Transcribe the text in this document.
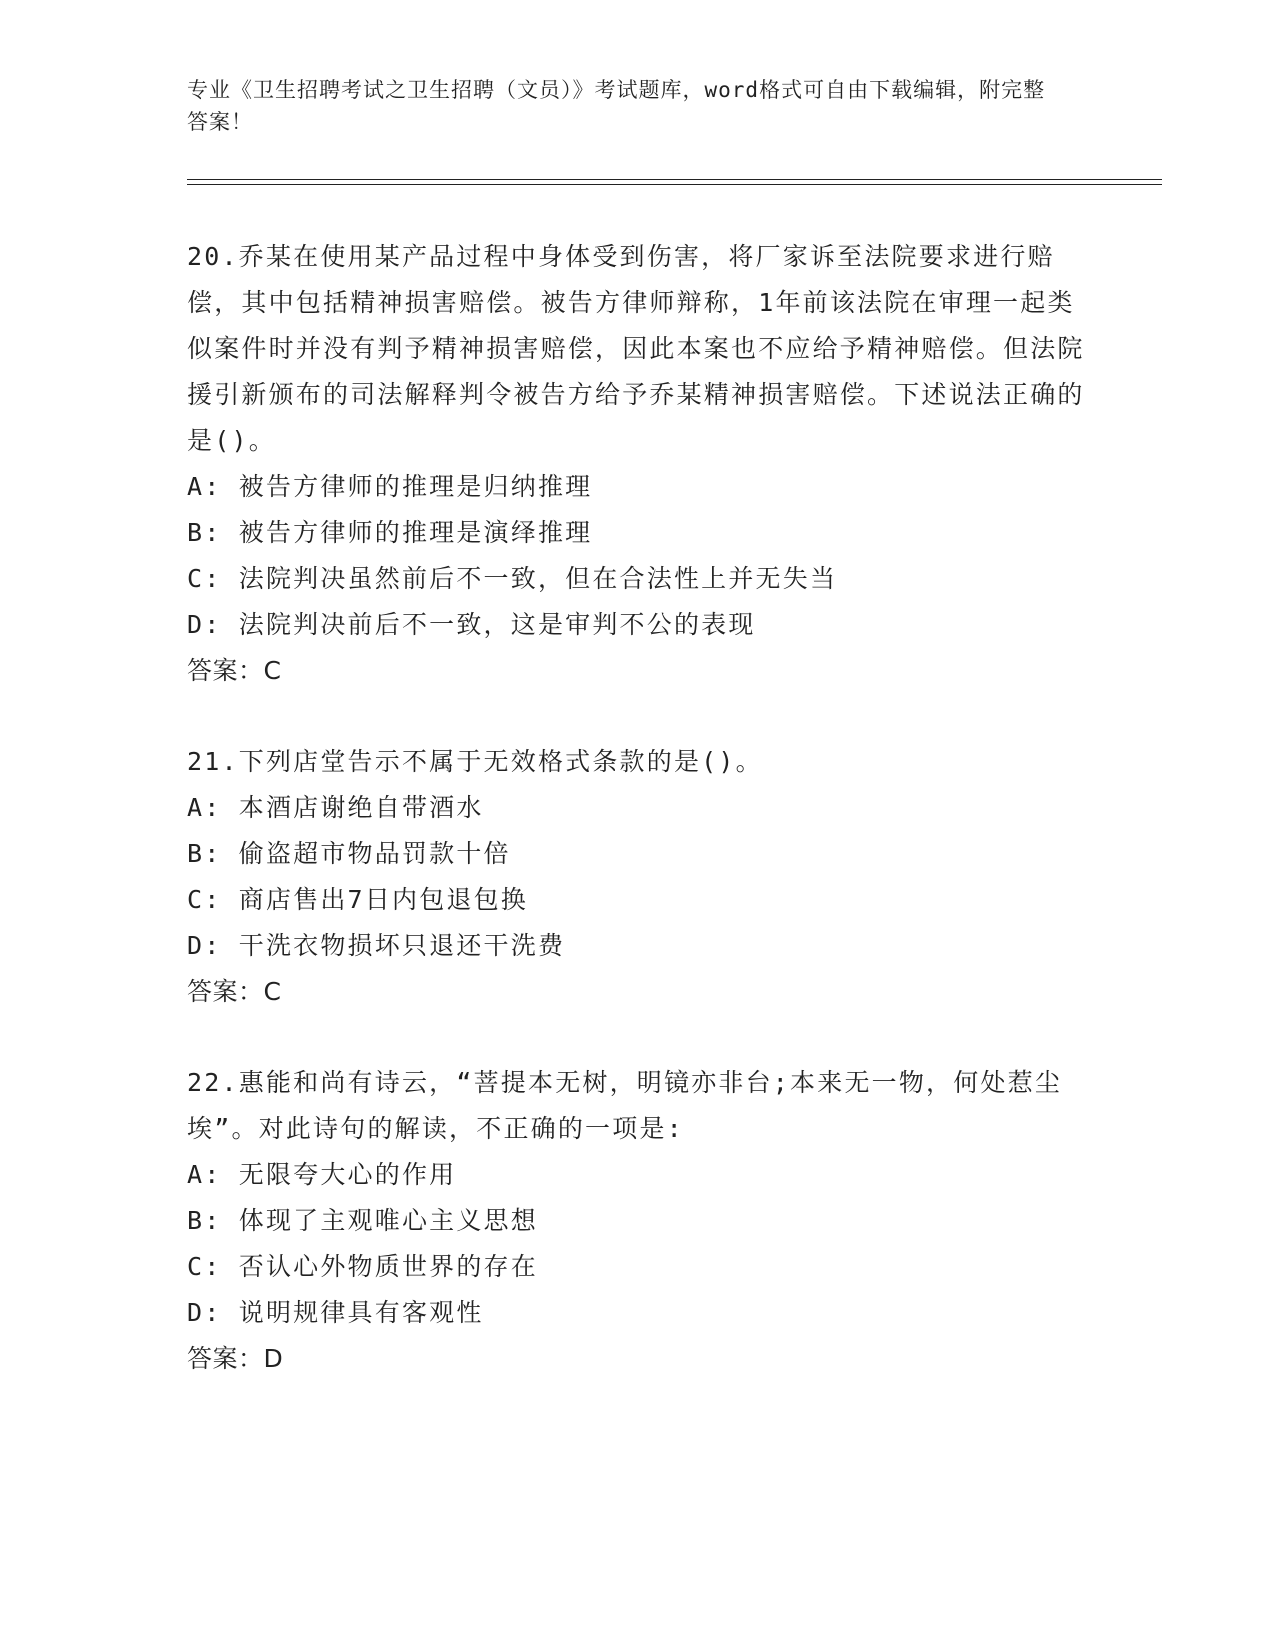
专业《卫生招聘考试之卫生招聘（文员）》考试题库，word格式可自由下载编辑，附完整答案！
20.乔某在使用某产品过程中身体受到伤害，将厂家诉至法院要求进行赔偿，其中包括精神损害赔偿。被告方律师辩称，1年前该法院在审理一起类似案件时并没有判予精神损害赔偿，因此本案也不应给予精神赔偿。但法院援引新颁布的司法解释判令被告方给予乔某精神损害赔偿。下述说法正确的是()。
A: 被告方律师的推理是归纳推理
B: 被告方律师的推理是演绎推理
C: 法院判决虽然前后不一致，但在合法性上并无失当
D: 法院判决前后不一致，这是审判不公的表现
答案：C
21.下列店堂告示不属于无效格式条款的是()。
A: 本酒店谢绝自带酒水
B: 偷盗超市物品罚款十倍
C: 商店售出7日内包退包换
D: 干洗衣物损坏只退还干洗费
答案：C
22.惠能和尚有诗云，“菩提本无树，明镜亦非台;本来无一物，何处惹尘埃”。对此诗句的解读，不正确的一项是:
A: 无限夸大心的作用
B: 体现了主观唯心主义思想
C: 否认心外物质世界的存在
D: 说明规律具有客观性
答案：D
